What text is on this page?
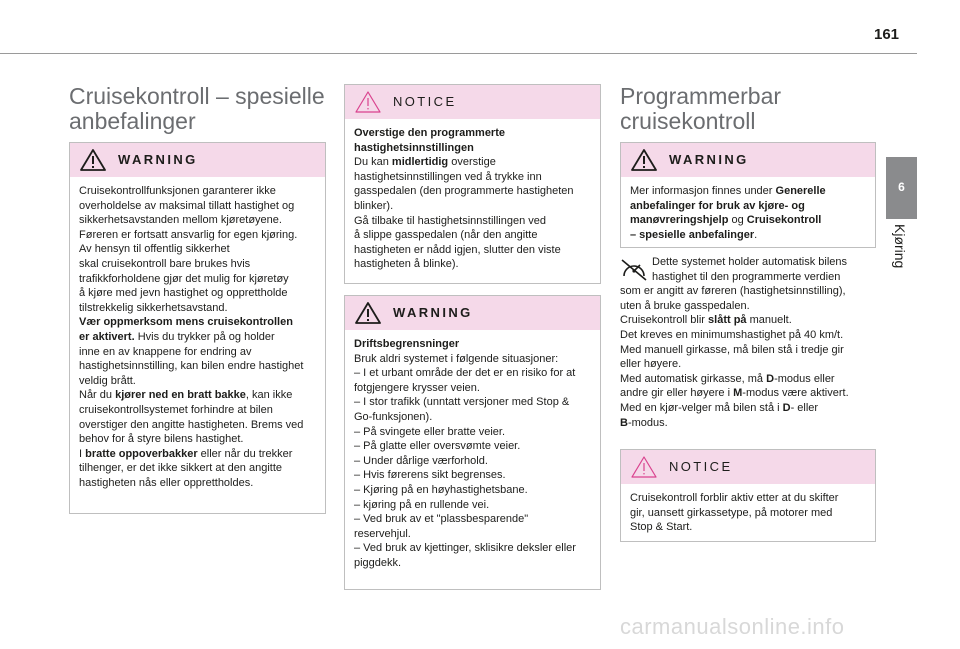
161
6
Kjøring
Cruisekontroll – spesielle
anbefalinger
WARNING

Cruisekontrollfunksjonen garanterer ikke

overholdelse av maksimal tillatt hastighet og

sikkerhetsavstanden mellom kjøretøyene.

Føreren er fortsatt ansvarlig for egen kjøring.

Av hensyn til offentlig sikkerhet

skal cruisekontroll bare brukes hvis

trafikkforholdene gjør det mulig for kjøretøy

å kjøre med jevn hastighet og opprettholde

tilstrekkelig sikkerhetsavstand.

Vær oppmerksom mens cruisekontrollen

er aktivert. Hvis du trykker på og holder

inne en av knappene for endring av

hastighetsinnstilling, kan bilen endre hastighet

veldig brått.

Når du kjører ned en bratt bakke, kan ikke

cruisekontrollsystemet forhindre at bilen

overstiger den angitte hastigheten. Brems ved

behov for å styre bilens hastighet.

I bratte oppoverbakker eller når du trekker

tilhenger, er det ikke sikkert at den angitte

hastigheten nås eller opprettholdes.

NOTICE

Overstige den programmerte

hastighetsinnstillingen

Du kan midlertidig overstige

hastighetsinnstillingen ved å trykke inn

gasspedalen (den programmerte hastigheten

blinker).

Gå tilbake til hastighetsinnstillingen ved

å slippe gasspedalen (når den angitte

hastigheten er nådd igjen, slutter den viste

hastigheten å blinke).

WARNING

Driftsbegrensninger

Bruk aldri systemet i følgende situasjoner:

– I et urbant område der det er en risiko for at

fotgjengere krysser veien.

– I stor trafikk (unntatt versjoner med Stop &

Go-funksjonen).

– På svingete eller bratte veier.

– På glatte eller oversvømte veier.

– Under dårlige værforhold.

– Hvis førerens sikt begrenses.

– Kjøring på en høyhastighetsbane.

– kjøring på en rullende vei.

– Ved bruk av et "plassbesparende"

reservehjul.

– Ved bruk av kjettinger, sklisikre deksler eller

piggdekk.

Programmerbar
cruisekontroll
WARNING

Mer informasjon finnes under Generelle

anbefalinger for bruk av kjøre- og

manøvreringshjelp og Cruisekontroll

– spesielle anbefalinger.

Dette systemet holder automatisk bilens

hastighet til den programmerte verdien

som er angitt av føreren (hastighetsinnstilling),

uten å bruke gasspedalen.

Cruisekontroll blir slått på manuelt.

Det kreves en minimumshastighet på 40 km/t.

Med manuell girkasse, må bilen stå i tredje gir

eller høyere.

Med automatisk girkasse, må D-modus eller

andre gir eller høyere i M-modus være aktivert.

Med en kjør-velger må bilen stå i D- eller

B-modus.

NOTICE

Cruisekontroll forblir aktiv etter at du skifter

gir, uansett girkassetype, på motorer med

Stop & Start.

carmanualsonline.info
